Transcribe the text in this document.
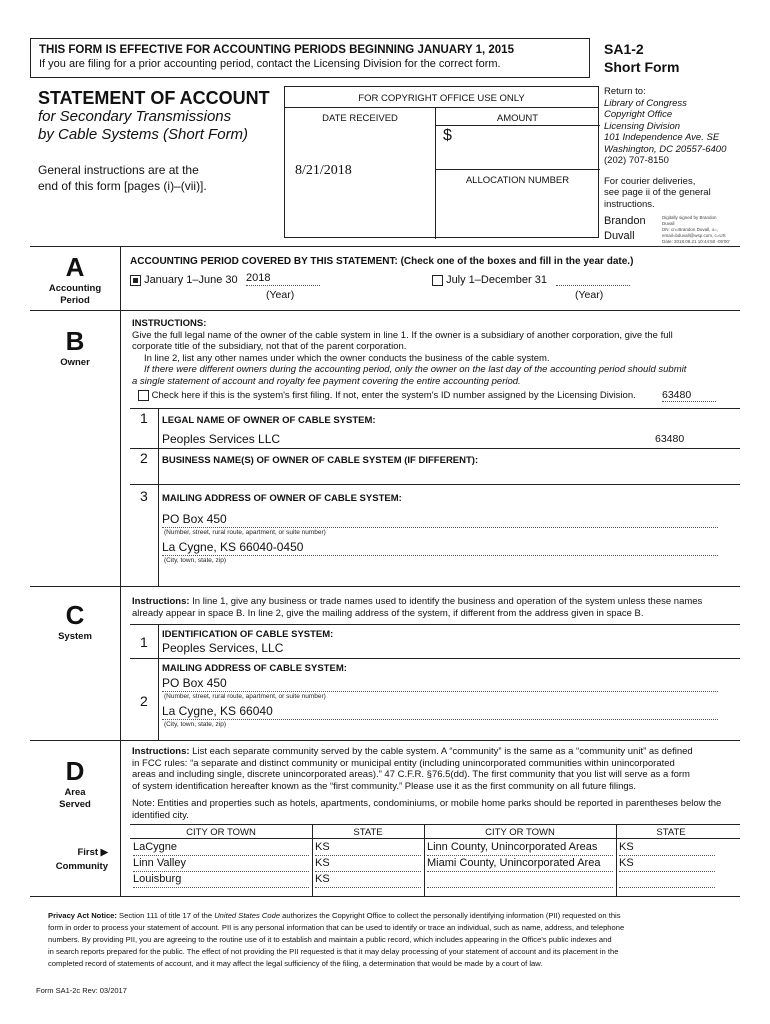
THIS FORM IS EFFECTIVE FOR ACCOUNTING PERIODS BEGINNING JANUARY 1, 2015
If you are filing for a prior accounting period, contact the Licensing Division for the correct form.
SA1-2
Short Form
STATEMENT OF ACCOUNT
for Secondary Transmissions
by Cable Systems (Short Form)
General instructions are at the
end of this form [pages (i)–(vii)].
FOR COPYRIGHT OFFICE USE ONLY
DATE RECEIVED	AMOUNT
$
8/21/2018
ALLOCATION NUMBER
Return to:
Library of Congress
Copyright Office
Licensing Division
101 Independence Ave. SE
Washington, DC 20557-6400
(202) 707-8150
For courier deliveries,
see page ii of the general
instructions.
Brandon
Duvall
Digitally signed by Brandon
Duvall
DN: cn=Brandon Duvall, o=,
email=bduvall@wsp.com, c=US
Date: 2018.08.21 10:44:50 -05'00'
A
Accounting
Period
ACCOUNTING PERIOD COVERED BY THIS STATEMENT: (Check one of the boxes and fill in the year date.)
January 1–June 30 2018
(Year)
July 1–December 31
(Year)
B
Owner
INSTRUCTIONS:
Give the full legal name of the owner of the cable system in line 1. If the owner is a subsidiary of another corporation, give the full
corporate title of the subsidiary, not that of the parent corporation.
In line 2, list any other names under which the owner conducts the business of the cable system.
If there were different owners during the accounting period, only the owner on the last day of the accounting period should submit
a single statement of account and royalty fee payment covering the entire accounting period.
Check here if this is the system's first filing. If not, enter the system's ID number assigned by the Licensing Division. 63480
1 LEGAL NAME OF OWNER OF CABLE SYSTEM:
Peoples Services LLC	63480
2 BUSINESS NAME(S) OF OWNER OF CABLE SYSTEM (IF DIFFERENT):
3 MAILING ADDRESS OF OWNER OF CABLE SYSTEM:
PO Box 450
(Number, street, rural route, apartment, or suite number)
La Cygne, KS 66040-0450
(City, town, state, zip)
C
System
Instructions: In line 1, give any business or trade names used to identify the business and operation of the system unless these names
already appear in space B. In line 2, give the mailing address of the system, if different from the address given in space B.
1 IDENTIFICATION OF CABLE SYSTEM:
Peoples Services, LLC
2
MAILING ADDRESS OF CABLE SYSTEM:
PO Box 450
(Number, street, rural route, apartment, or suite number)
La Cygne, KS 66040
(City, town, state, zip)
D
Area
Served
First ▶
Community
Instructions: List each separate community served by the cable system. A “community” is the same as a “community unit” as defined
in FCC rules: “a separate and distinct community or municipal entity (including unincorporated communities within unincorporated
areas and including single, discrete unincorporated areas).” 47 C.F.R. §76.5(dd). The first community that you list will serve as a form
of system identification hereafter known as the “first community.” Please use it as the first community on all future filings.
Note: Entities and properties such as hotels, apartments, condominiums, or mobile home parks should be reported in parentheses below the
identified city.
CITY OR TOWN	STATE	CITY OR TOWN	STATE
LaCygne	KS	Linn County, Unincorporated Areas	KS
Linn Valley	KS	Miami County, Unincorporated Area	KS
Louisburg	KS
Privacy Act Notice: Section 111 of title 17 of the United States Code authorizes the Copyright Office to collect the personally identifying information (PII) requested on this
form in order to process your statement of account. PII is any personal information that can be used to identify or trace an individual, such as name, address, and telephone
numbers. By providing PII, you are agreeing to the routine use of it to establish and maintain a public record, which includes appearing in the Office's public indexes and
in search reports prepared for the public. The effect of not providing the PII requested is that it may delay processing of your statement of account and its placement in the
completed record of statements of account, and it may affect the legal sufficiency of the filing, a determination that would be made by a court of law.
Form SA1-2c Rev: 03/2017
